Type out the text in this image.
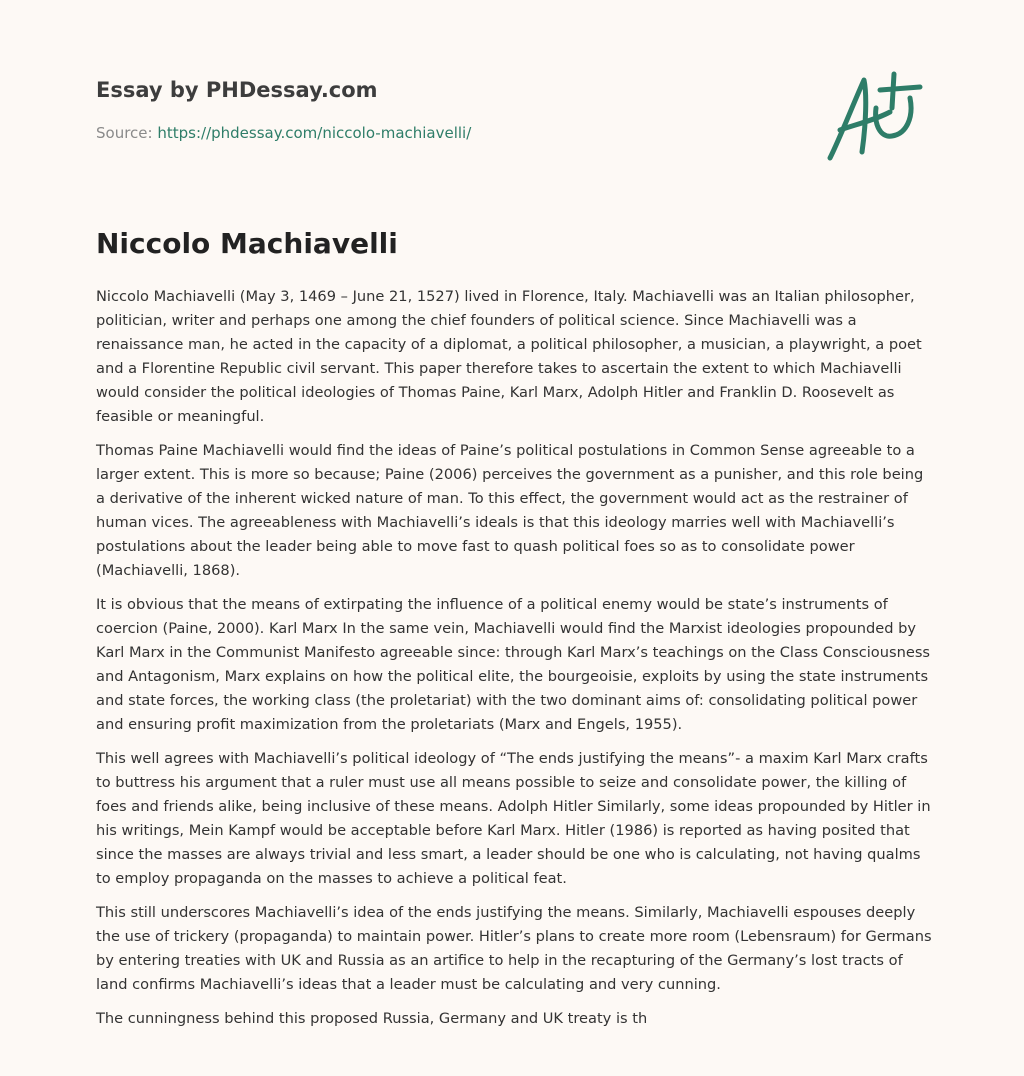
Essay by PHDessay.com
Source: https://phdessay.com/niccolo-machiavelli/
Niccolo Machiavelli

Niccolo Machiavelli (May 3, 1469 – June 21, 1527) lived in Florence, Italy. Machiavelli was an Italian philosopher, politician, writer and perhaps one among the chief founders of political science. Since Machiavelli was a renaissance man, he acted in the capacity of a diplomat, a political philosopher, a musician, a playwright, a poet and a Florentine Republic civil servant. This paper therefore takes to ascertain the extent to which Machiavelli would consider the political ideologies of Thomas Paine, Karl Marx, Adolph Hitler and Franklin D. Roosevelt as feasible or meaningful.

Thomas Paine Machiavelli would find the ideas of Paine’s political postulations in Common Sense agreeable to a larger extent. This is more so because; Paine (2006) perceives the government as a punisher, and this role being a derivative of the inherent wicked nature of man. To this effect, the government would act as the restrainer of human vices. The agreeableness with Machiavelli’s ideals is that this ideology marries well with Machiavelli’s postulations about the leader being able to move fast to quash political foes so as to consolidate power (Machiavelli, 1868).

It is obvious that the means of extirpating the influence of a political enemy would be state’s instruments of coercion (Paine, 2000). Karl Marx In the same vein, Machiavelli would find the Marxist ideologies propounded by Karl Marx in the Communist Manifesto agreeable since: through Karl Marx’s teachings on the Class Consciousness and Antagonism, Marx explains on how the political elite, the bourgeoisie, exploits by using the state instruments and state forces, the working class (the proletariat) with the two dominant aims of: consolidating political power and ensuring profit maximization from the proletariats (Marx and Engels, 1955).

This well agrees with Machiavelli’s political ideology of “The ends justifying the means”- a maxim Karl Marx crafts to buttress his argument that a ruler must use all means possible to seize and consolidate power, the killing of foes and friends alike, being inclusive of these means. Adolph Hitler Similarly, some ideas propounded by Hitler in his writings, Mein Kampf would be acceptable before Karl Marx. Hitler (1986) is reported as having posited that since the masses are always trivial and less smart, a leader should be one who is calculating, not having qualms to employ propaganda on the masses to achieve a political feat.

This still underscores Machiavelli’s idea of the ends justifying the means. Similarly, Machiavelli espouses deeply the use of trickery (propaganda) to maintain power. Hitler’s plans to create more room (Lebensraum) for Germans by entering treaties with UK and Russia as an artifice to help in the recapturing of the Germany’s lost tracts of land confirms Machiavelli’s ideas that a leader must be calculating and very cunning.

The cunningness behind this proposed Russia, Germany and UK treaty is th
